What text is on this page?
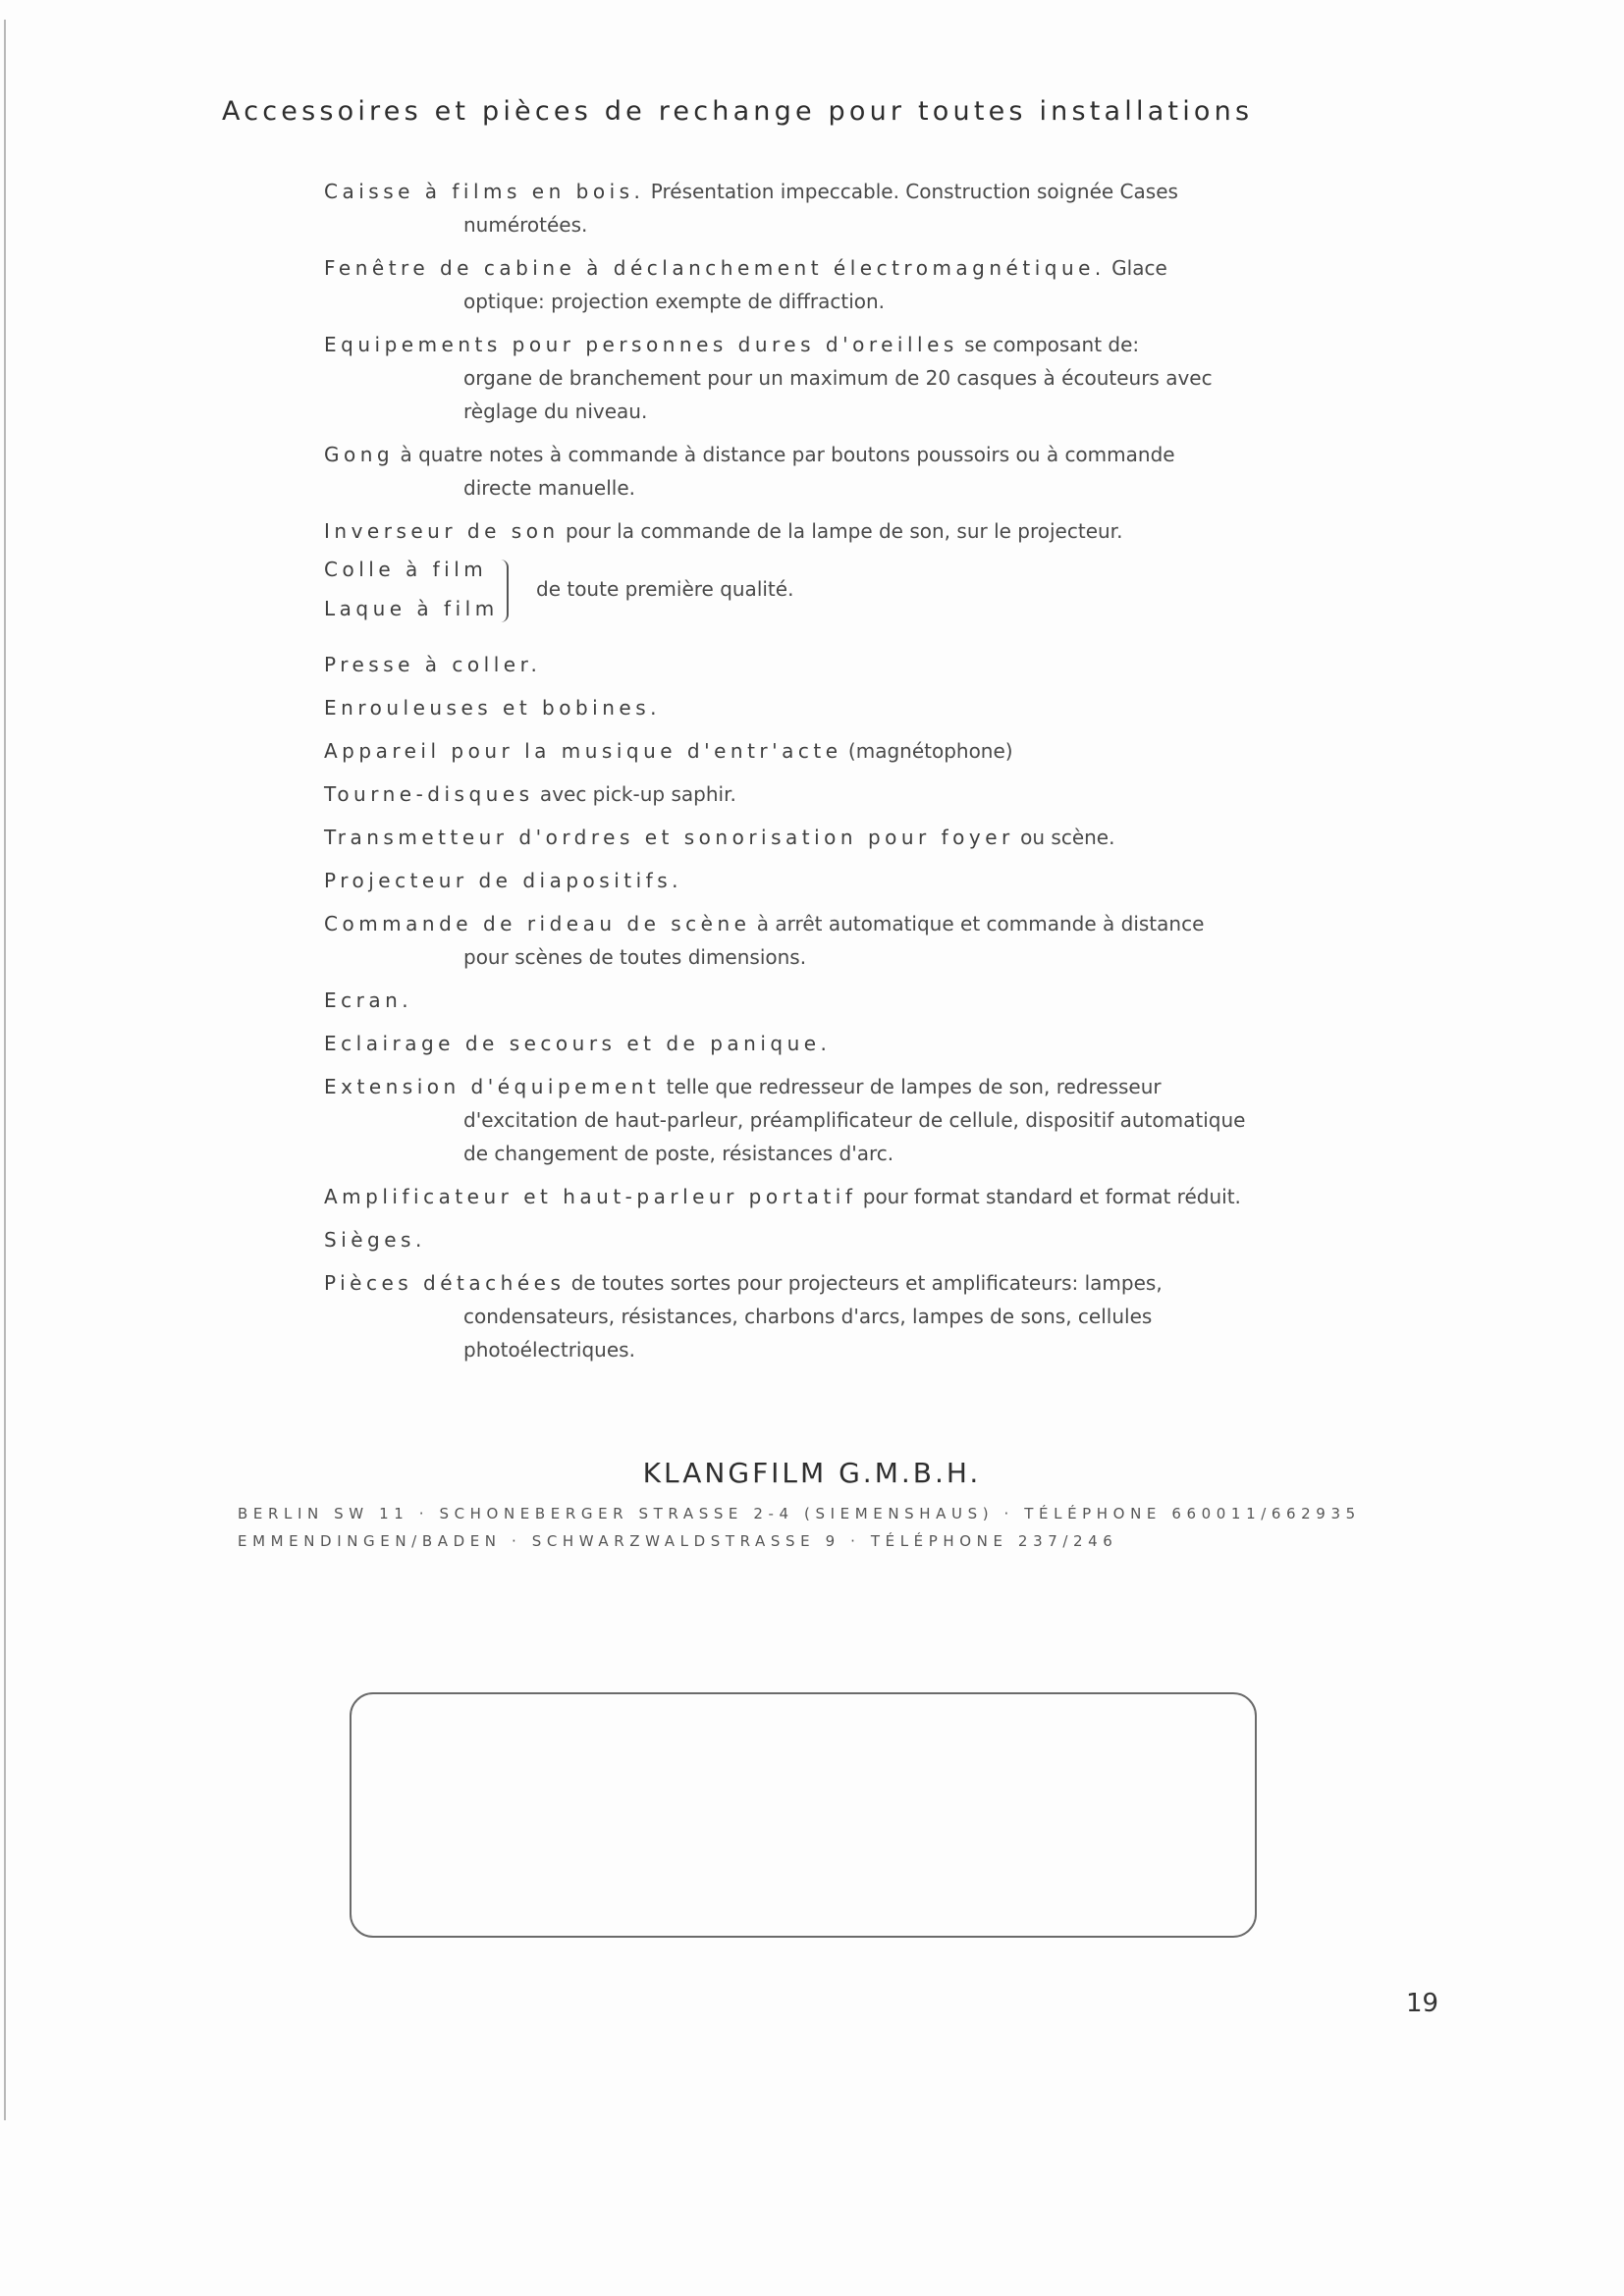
Accessoires et pièces de rechange pour toutes installations
Caisse à films en bois. Présentation impeccable. Construction soignée Cases
numérotées.
Fenêtre de cabine à déclanchement électromagnétique. Glace
optique: projection exempte de diffraction.
Equipements pour personnes dures d'oreilles se composant de:
organe de branchement pour un maximum de 20 casques à écouteurs avec règlage du niveau.
Gong à quatre notes à commande à distance par boutons poussoirs ou à commande
directe manuelle.
Inverseur de son pour la commande de la lampe de son, sur le projecteur.
Colle à film
Laque à film
de toute première qualité.
Presse à coller.
Enrouleuses et bobines.
Appareil pour la musique d'entr'acte (magnétophone)
Tourne-disques avec pick-up saphir.
Transmetteur d'ordres et sonorisation pour foyer ou scène.
Projecteur de diapositifs.
Commande de rideau de scène à arrêt automatique et commande à distance
pour scènes de toutes dimensions.
Ecran.
Eclairage de secours et de panique.
Extension d'équipement telle que redresseur de lampes de son, redresseur
d'excitation de haut-parleur, préamplificateur de cellule, dispositif automatique de changement de poste, résistances d'arc.
Amplificateur et haut-parleur portatif pour format standard et format réduit.
Sièges.
Pièces détachées de toutes sortes pour projecteurs et amplificateurs: lampes,
condensateurs, résistances, charbons d'arcs, lampes de sons, cellules photoélectriques.
KLANGFILM G.M.B.H.
BERLIN SW 11 · SCHONEBERGER STRASSE 2-4 (SIEMENSHAUS) · TÉLÉPHONE 660011/662935
EMMENDINGEN/BADEN · SCHWARZWALDSTRASSE 9 · TÉLÉPHONE 237/246
19
